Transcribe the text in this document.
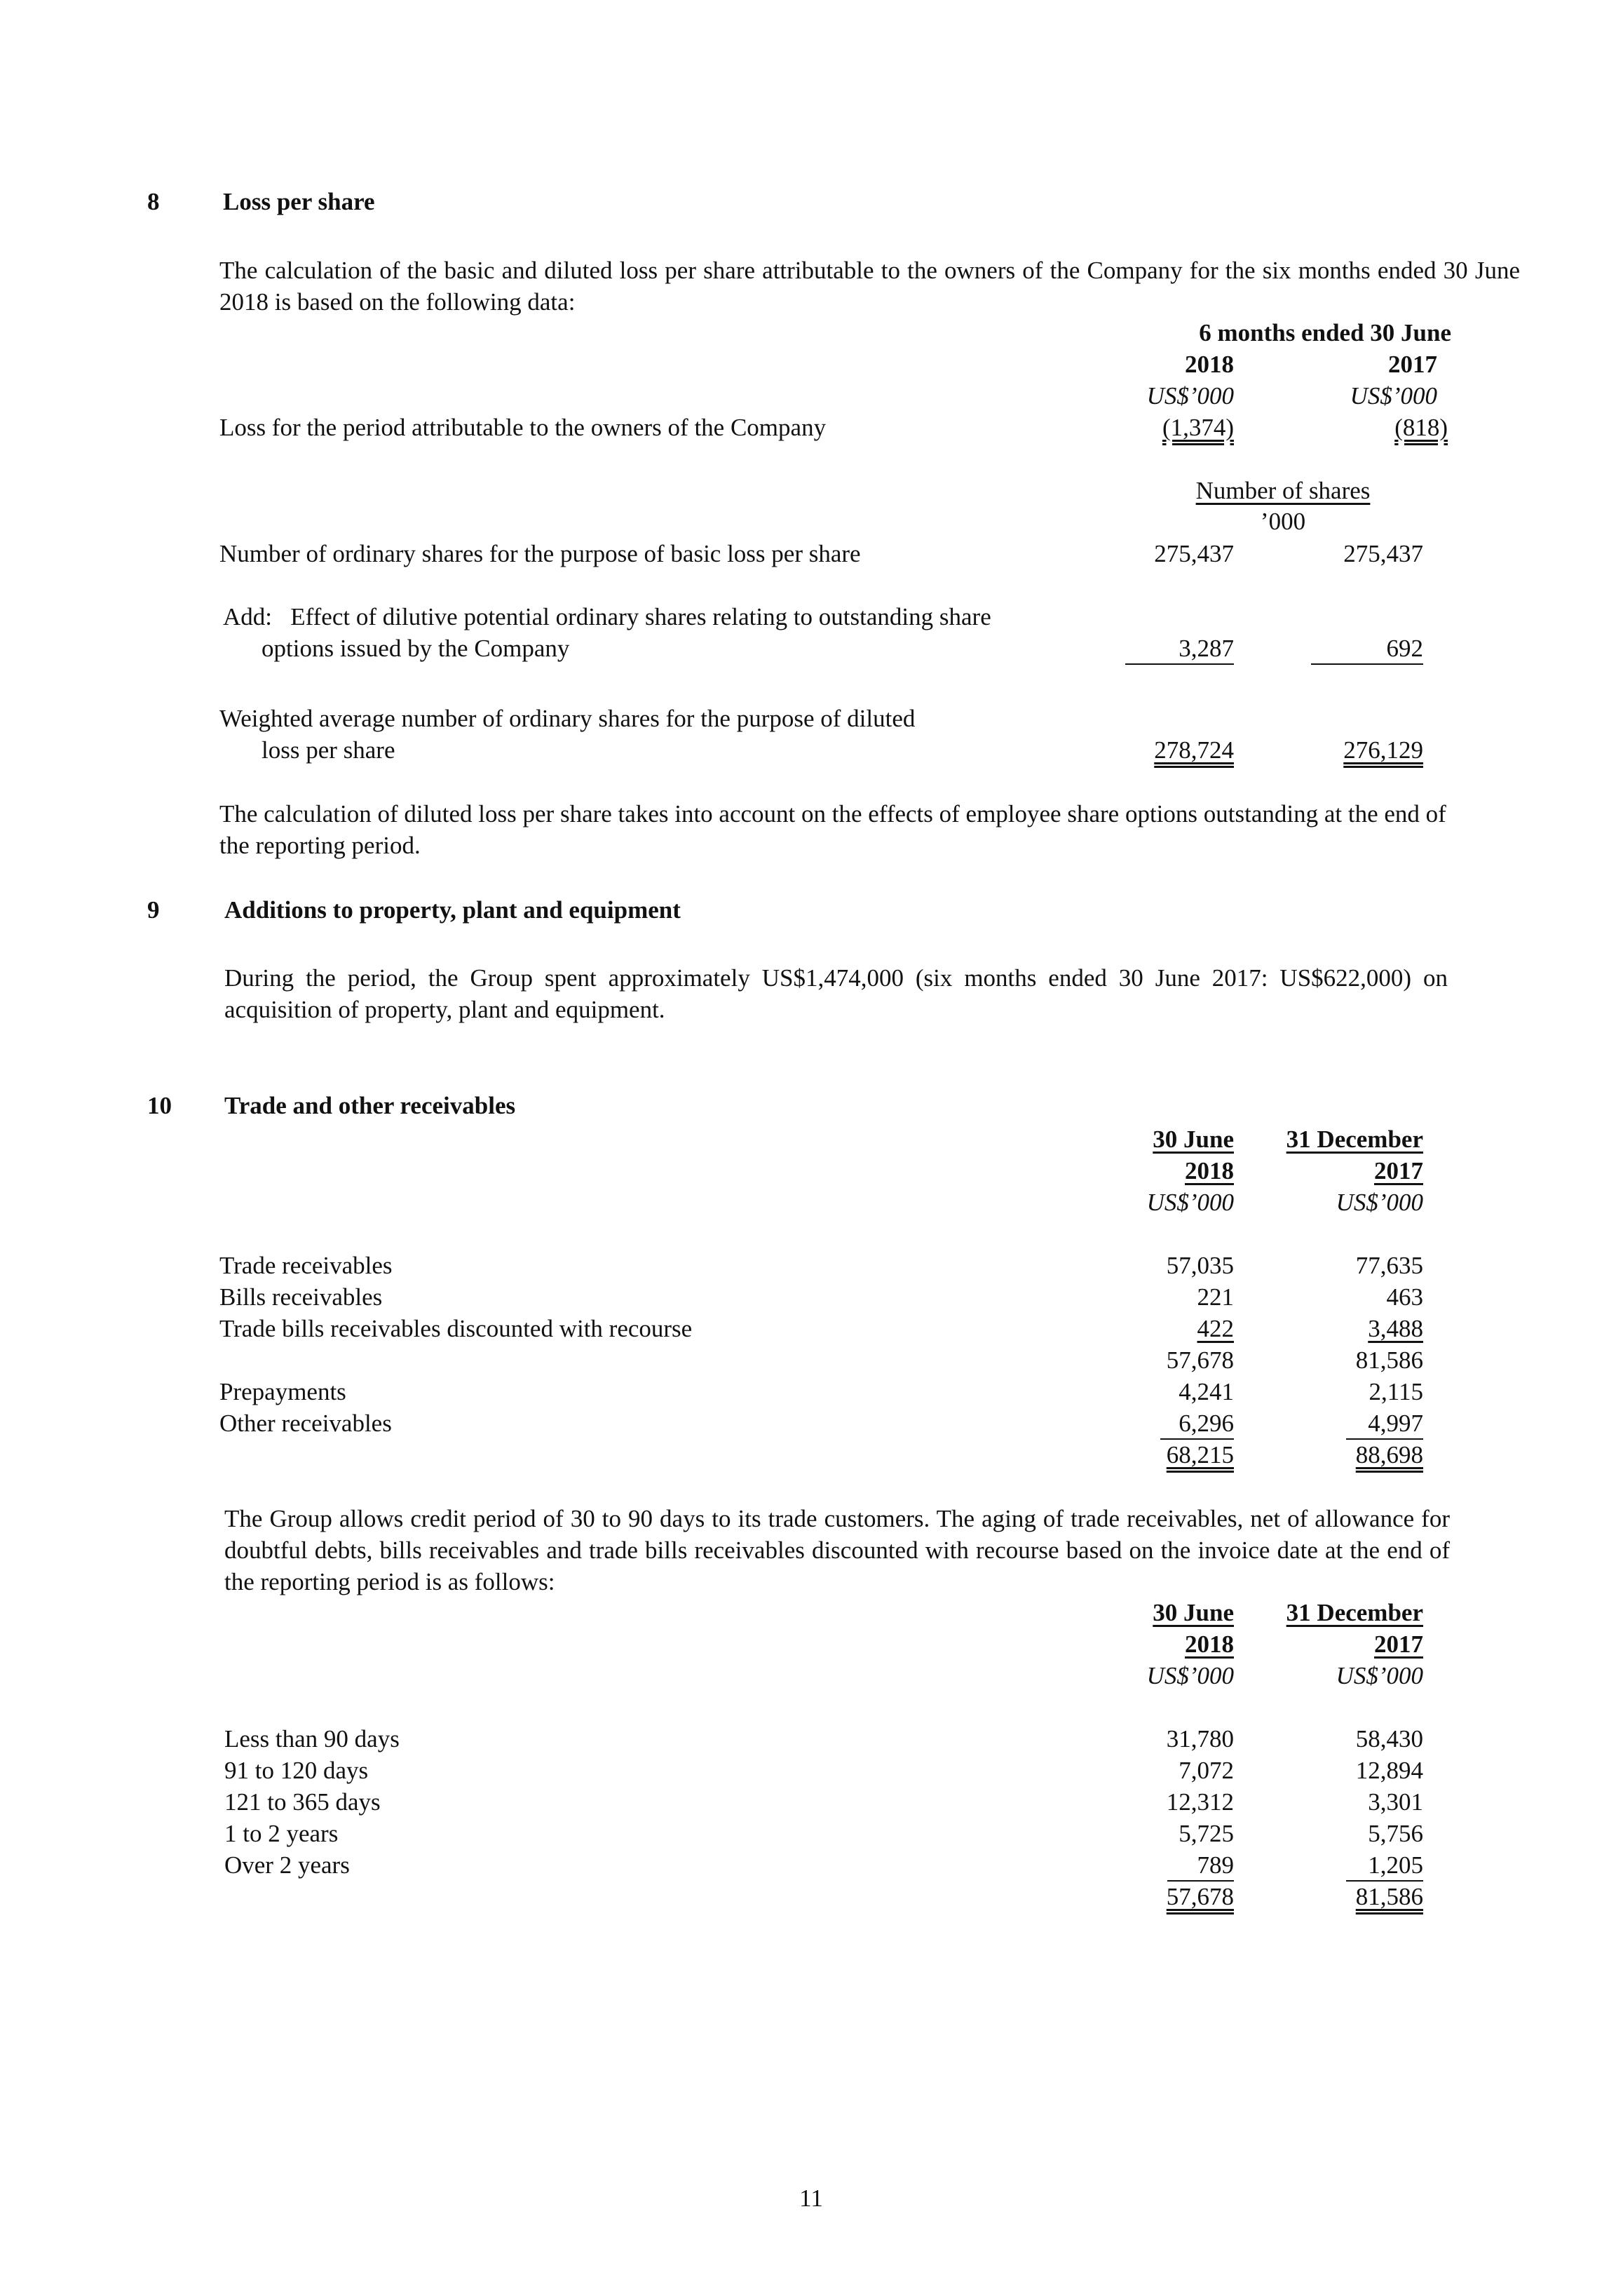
8	Loss per share
The calculation of the basic and diluted loss per share attributable to the owners of the Company for the six months ended 30 June 2018 is based on the following data:
6 months ended 30 June
2018	2017
US$’000	US$’000
Loss for the period attributable to the owners of the Company	(1,374)	(818)
Number of shares
’000
Number of ordinary shares for the purpose of basic loss per share	275,437	275,437
Add:   Effect of dilutive potential ordinary shares relating to outstanding share
options issued by the Company	3,287	692
Weighted average number of ordinary shares for the purpose of diluted
loss per share	278,724	276,129
The calculation of diluted loss per share takes into account on the effects of employee share options outstanding at the end of the reporting period.
9	Additions to property, plant and equipment
During the period, the Group spent approximately US$1,474,000 (six months ended 30 June 2017: US$622,000) on acquisition of property, plant and equipment.
10 Trade and other receivables
30 June	31 December
2018	2017
US$’000	US$’000
Trade receivables	57,035	77,635
Bills receivables	221	463
Trade bills receivables discounted with recourse	422	3,488
57,678	81,586
Prepayments	4,241	2,115
Other receivables	6,296	4,997
68,215	88,698
The Group allows credit period of 30 to 90 days to its trade customers. The aging of trade receivables, net of allowance for doubtful debts, bills receivables and trade bills receivables discounted with recourse based on the invoice date at the end of the reporting period is as follows:
30 June	31 December
2018	2017
US$’000	US$’000
Less than 90 days	31,780	58,430
91 to 120 days	7,072	12,894
121 to 365 days	12,312	3,301
1 to 2 years	5,725	5,756
Over 2 years	789	1,205
57,678	81,586
11
